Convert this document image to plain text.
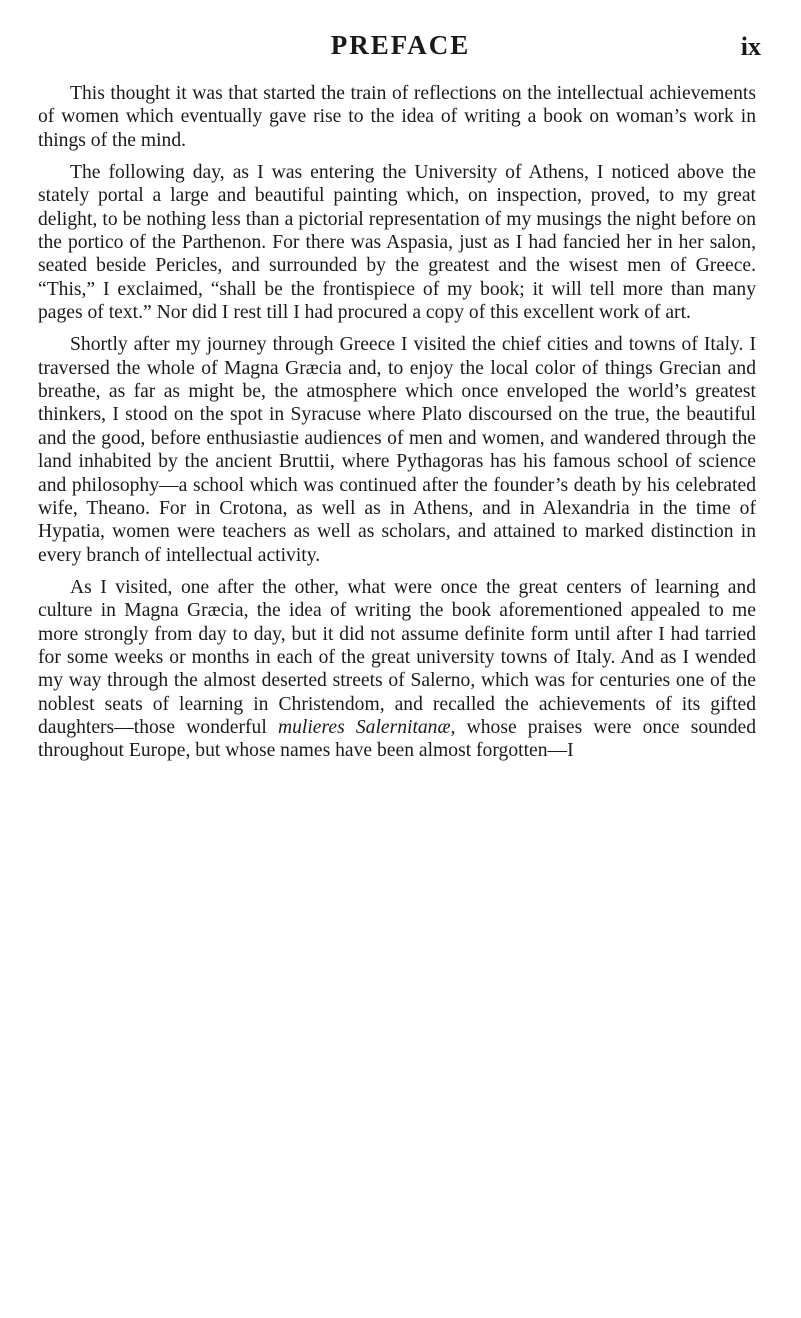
PREFACE	ix

This thought it was that started the train of reflections on the intellectual achievements of women which eventually gave rise to the idea of writing a book on woman’s work in things of the mind.

The following day, as I was entering the University of Athens, I noticed above the stately portal a large and beautiful painting which, on inspection, proved, to my great delight, to be nothing less than a pictorial representation of my musings the night before on the portico of the Parthenon. For there was Aspasia, just as I had fancied her in her salon, seated beside Pericles, and surrounded by the greatest and the wisest men of Greece. “This,” I exclaimed, “shall be the frontispiece of my book; it will tell more than many pages of text.” Nor did I rest till I had procured a copy of this excellent work of art.

Shortly after my journey through Greece I visited the chief cities and towns of Italy. I traversed the whole of Magna Græcia and, to enjoy the local color of things Grecian and breathe, as far as might be, the atmosphere which once enveloped the world’s greatest thinkers, I stood on the spot in Syracuse where Plato discoursed on the true, the beautiful and the good, before enthusiastie audiences of men and women, and wandered through the land inhabited by the ancient Bruttii, where Pythagoras has his famous school of science and philosophy—a school which was continued after the founder’s death by his celebrated wife, Theano. For in Crotona, as well as in Athens, and in Alexandria in the time of Hypatia, women were teachers as well as scholars, and attained to marked distinction in every branch of intellectual activity.

As I visited, one after the other, what were once the great centers of learning and culture in Magna Græcia, the idea of writing the book aforementioned appealed to me more strongly from day to day, but it did not assume definite form until after I had tarried for some weeks or months in each of the great university towns of Italy. And as I wended my way through the almost deserted streets of Salerno, which was for centuries one of the noblest seats of learning in Christendom, and recalled the achievements of its gifted daughters—those wonderful mulieres Salernitanæ, whose praises were once sounded throughout Europe, but whose names have been almost forgotten—I
